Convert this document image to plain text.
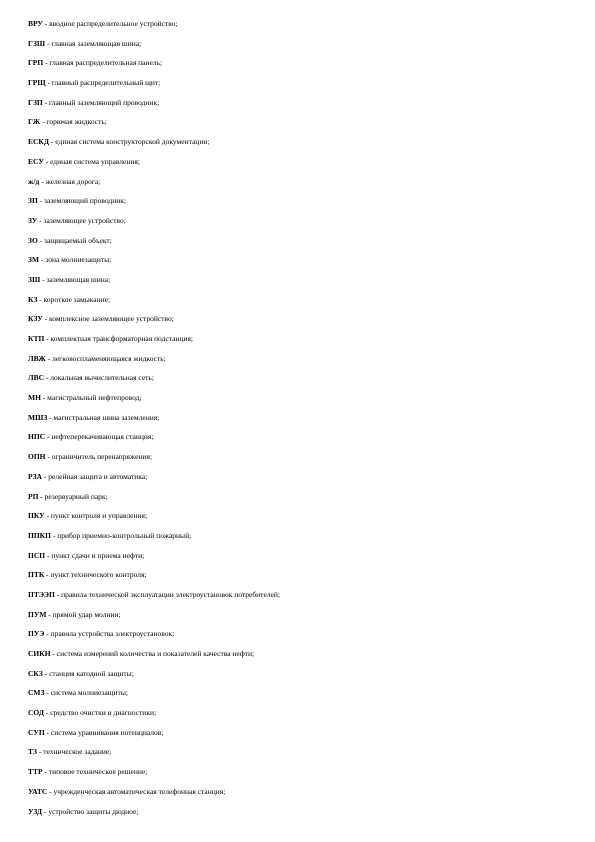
ВРУ - вводное распределительное устройство;
ГЗШ - главная заземляющая шина;
ГРП - главная распределительная панель;
ГРЩ - главный распределительный щит;
ГЗП - главный заземляющий проводник;
ГЖ - горючая жидкость;
ЕСКД - единая система конструкторской документации;
ЕСУ - единая система управления;
ж/д - железная дорога;
ЗП - заземляющий проводник;
ЗУ - заземляющее устройство;
ЗО - защищаемый объект;
ЗМ - зона молниезащиты;
ЗШ - заземляющая шина;
КЗ - короткое замыкание;
КЗУ - комплексное заземляющее устройство;
КТП - комплектная трансформаторная подстанция;
ЛВЖ - легковоспламеняющаяся жидкость;
ЛВС - локальная вычислительная сеть;
МН - магистральный нефтепровод;
МШЗ - магистральная шина заземления;
НПС - нефтеперекачивающая станция;
ОПН - ограничитель перенапряжения;
РЗА - релейная защита и автоматика;
РП - резервуарный парк;
ПКУ - пункт контроля и управления;
ППКП - прибор приемно-контрольный пожарный;
ПСП - пункт сдачи и приема нефти;
ПТК - пункт технического контроля;
ПТЭЭП - правила технической эксплуатации электроустановок потребителей;
ПУМ - прямой удар молнии;
ПУЭ - правила устройства электроустановок;
СИКН - система измерений количества и показателей качества нефти;
СКЗ - станция катодной защиты;
СМЗ - система молниезащиты;
СОД - средство очистки и диагностики;
СУП - система уравнивания потенциалов;
ТЗ - техническое задание;
ТТР - типовое техническое решение;
УАТС - учрежденческая автоматическая телефонная станция;
УЗД - устройство защиты дюдное;
